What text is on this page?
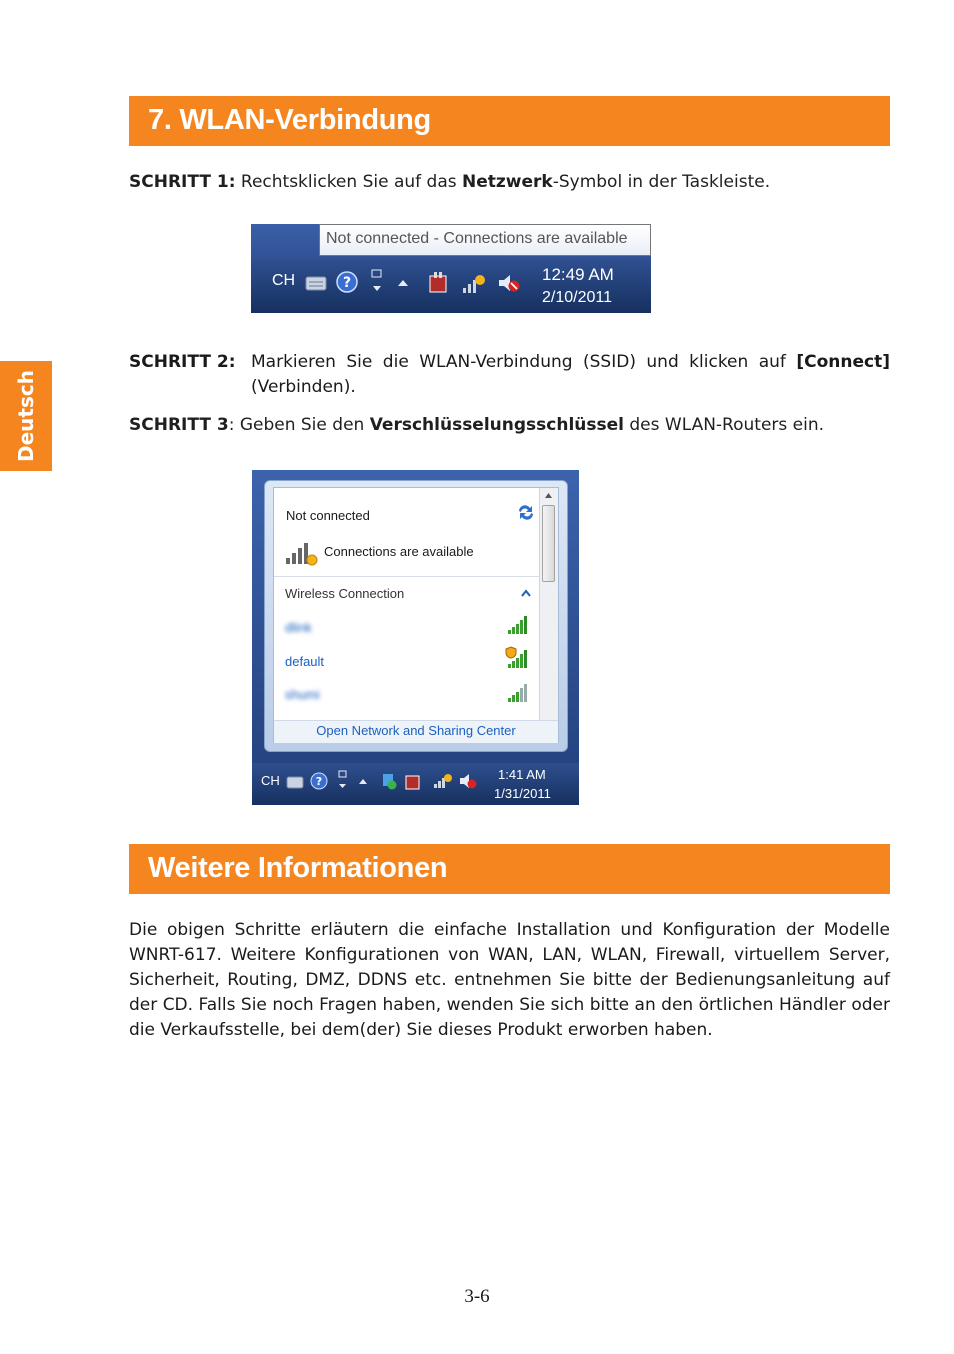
Deutsch
7. WLAN-Verbindung
SCHRITT 1: Rechtsklicken Sie auf das Netzwerk-Symbol in der Taskleiste.
Not connected - Connections are available
CH	?	12:49 AM
2/10/2011
SCHRITT 2: Markieren Sie die WLAN-Verbindung (SSID) und klicken auf [Connect] (Verbinden).
SCHRITT 3: Geben Sie den Verschlüsselungsschlüssel des WLAN-Routers ein.
Not connected
Connections are available
Wireless Connection
dlink
default
shumi
Open Network and Sharing Center
CH	?	1:41 AM
1/31/2011
Weitere Informationen
Die obigen Schritte erläutern die einfache Installation und Konfiguration der Modelle WNRT-617. Weitere Konfigurationen von WAN, LAN, WLAN, Firewall, virtuellem Server, Sicherheit, Routing, DMZ, DDNS etc. entnehmen Sie bitte der Bedienungsanleitung auf der CD. Falls Sie noch Fragen haben, wenden Sie sich bitte an den örtlichen Händler oder die Verkaufsstelle, bei dem(der) Sie dieses Produkt erworben haben.
3-6
